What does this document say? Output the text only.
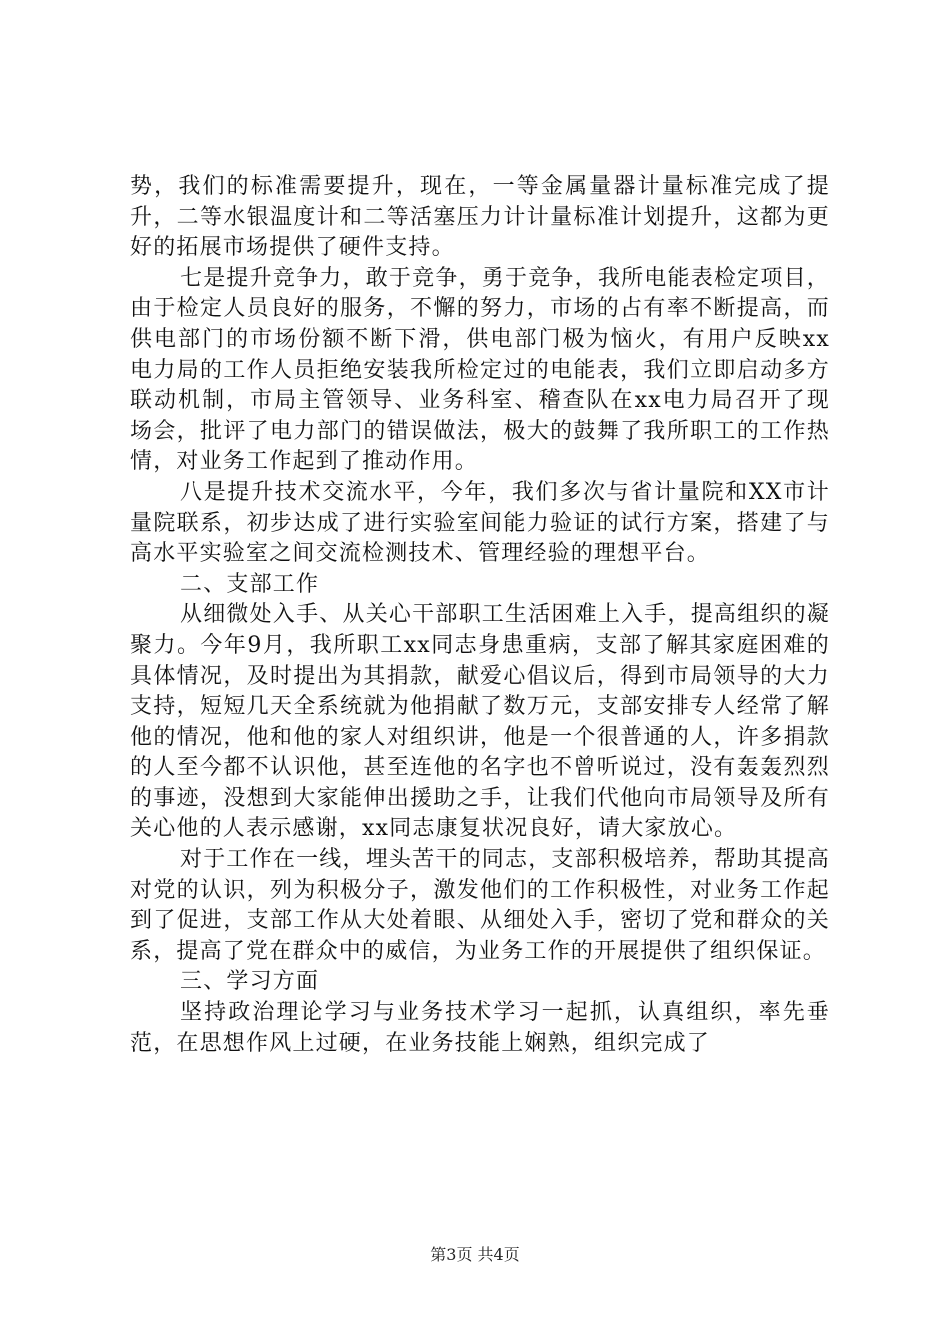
势，我们的标准需要提升，现在，一等金属量器计量标准完成了提升，二等水银温度计和二等活塞压力计计量标准计划提升，这都为更好的拓展市场提供了硬件支持。

七是提升竞争力，敢于竞争，勇于竞争，我所电能表检定项目，由于检定人员良好的服务，不懈的努力，市场的占有率不断提高，而供电部门的市场份额不断下滑，供电部门极为恼火，有用户反映xx电力局的工作人员拒绝安装我所检定过的电能表，我们立即启动多方联动机制，市局主管领导、业务科室、稽查队在xx电力局召开了现场会，批评了电力部门的错误做法，极大的鼓舞了我所职工的工作热情，对业务工作起到了推动作用。

八是提升技术交流水平，今年，我们多次与省计量院和XX市计量院联系，初步达成了进行实验室间能力验证的试行方案，搭建了与高水平实验室之间交流检测技术、管理经验的理想平台。

二、支部工作

从细微处入手、从关心干部职工生活困难上入手，提高组织的凝聚力。今年9月，我所职工xx同志身患重病，支部了解其家庭困难的具体情况，及时提出为其捐款，献爱心倡议后，得到市局领导的大力支持，短短几天全系统就为他捐献了数万元，支部安排专人经常了解他的情况，他和他的家人对组织讲，他是一个很普通的人，许多捐款的人至今都不认识他，甚至连他的名字也不曾听说过，没有轰轰烈烈的事迹，没想到大家能伸出援助之手，让我们代他向市局领导及所有关心他的人表示感谢，xx同志康复状况良好，请大家放心。

对于工作在一线，埋头苦干的同志，支部积极培养，帮助其提高对党的认识，列为积极分子，激发他们的工作积极性，对业务工作起到了促进，支部工作从大处着眼、从细处入手，密切了党和群众的关系，提高了党在群众中的威信，为业务工作的开展提供了组织保证。

三、学习方面

坚持政治理论学习与业务技术学习一起抓，认真组织，率先垂范，在思想作风上过硬，在业务技能上娴熟，组织完成了

第3页 共4页
